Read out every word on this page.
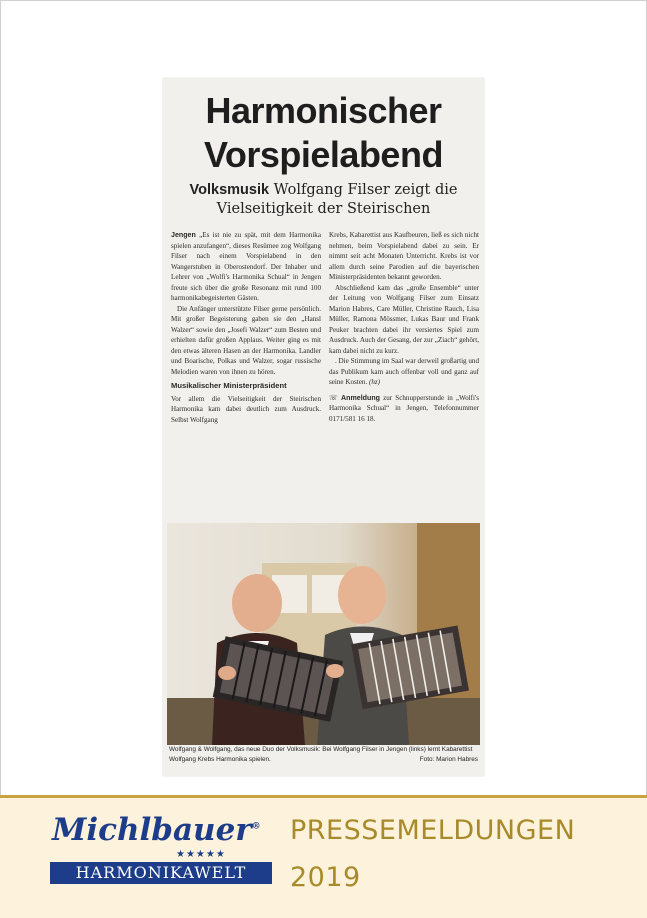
Harmonischer
Vorspielabend
Volksmusik Wolfgang Filser zeigt die
Vielseitigkeit der Steirischen

Jengen „Es ist nie zu spät, mit dem Harmonika spielen anzufangen“, dieses Resümee zog Wolfgang Filser nach einem Vorspielabend in den Wangerstuben in Oberostendorf. Der Inhaber und Lehrer von „Wolfi's Harmonika Schual“ in Jengen freute sich über die große Resonanz mit rund 100 harmonikabegeisterten Gästen.

Die Anfänger unterstützte Filser gerne persönlich. Mit großer Begeisterung gaben sie den „Hansl Walzer“ sowie den „Josefi Walzer“ zum Besten und erhielten dafür großen Applaus. Weiter ging es mit den etwas älteren Hasen an der Harmonika. Landler und Boarische, Polkas und Walzer, sogar russische Melodien waren von ihnen zu hören.

Musikalischer Ministerpräsident

Vor allem die Vielseitigkeit der Steirischen Harmonika kam dabei deutlich zum Ausdruck. Selbst Wolfgang

Krebs, Kabarettist aus Kaufbeuren, ließ es sich nicht nehmen, beim Vorspielabend dabei zu sein. Er nimmt seit acht Monaten Unterricht. Krebs ist vor allem durch seine Parodien auf die bayerischen Ministerpräsidenten bekannt geworden.

Abschließend kam das „große Ensemble“ unter der Leitung von Wolfgang Filser zum Einsatz Marion Habres, Care Müller, Christine Rauch, Lisa Müller, Ramona Mössmer, Lukas Baur und Frank Peuker brachten dabei ihr versiertes Spiel zum Ausdruck. Auch der Gesang, der zur „Ziach“ gehört, kam dabei nicht zu kurz.

. Die Stimmung im Saal war derweil großartig und das Publikum kam auch offenbar voll und ganz auf seine Kosten. (hz)

☏ Anmeldung zur Schnupperstunde in „Wolfi's Harmonika Schual“ in Jengen, Telefonnummer 0171/581 16 18.

Wolfgang & Wolfgang, das neue Duo der Volksmusik: Bei Wolfgang Filser in Jengen (links) lernt Kabarettist Wolfgang Krebs Harmonika spielen.	Foto: Marion Habres
Michlbauer®
★★★★★
HARMONIKAWELT
PRESSEMELDUNGEN
2019
